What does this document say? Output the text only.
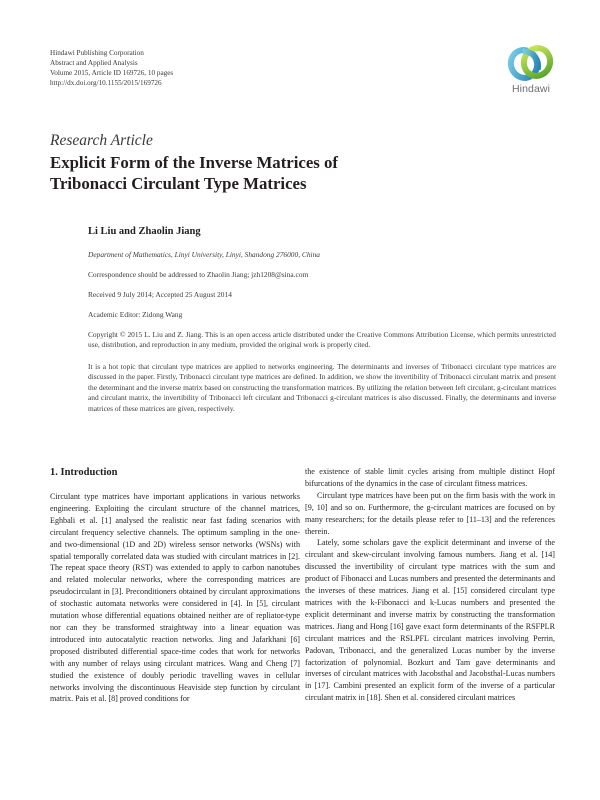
Hindawi Publishing Corporation
Abstract and Applied Analysis
Volume 2015, Article ID 169726, 10 pages
http://dx.doi.org/10.1155/2015/169726	Hindawi
Research Article
Explicit Form of the Inverse Matrices of
Tribonacci Circulant Type Matrices
Li Liu and Zhaolin Jiang
Department of Mathematics, Linyi University, Linyi, Shandong 276000, China
Correspondence should be addressed to Zhaolin Jiang; jzh1208@sina.com
Received 9 July 2014; Accepted 25 August 2014
Academic Editor: Zidong Wang
Copyright © 2015 L. Liu and Z. Jiang. This is an open access article distributed under the Creative Commons Attribution License, which permits unrestricted use, distribution, and reproduction in any medium, provided the original work is properly cited.
It is a hot topic that circulant type matrices are applied to networks engineering. The determinants and inverses of Tribonacci circulant type matrices are discussed in the paper. Firstly, Tribonacci circulant type matrices are defined. In addition, we show the invertibility of Tribonacci circulant matrix and present the determinant and the inverse matrix based on constructing the transformation matrices. By utilizing the relation between left circulant, g-circulant matrices and circulant matrix, the invertibility of Tribonacci left circulant and Tribonacci g-circulant matrices is also discussed. Finally, the determinants and inverse matrices of these matrices are given, respectively.
1. Introduction

Circulant type matrices have important applications in various networks engineering. Exploiting the circulant structure of the channel matrices, Eghbali et al. [1] analysed the realistic near fast fading scenarios with circulant frequency selective channels. The optimum sampling in the one- and two-dimensional (1D and 2D) wireless sensor networks (WSNs) with spatial temporally correlated data was studied with circulant matrices in [2]. The repeat space theory (RST) was extended to apply to carbon nanotubes and related molecular networks, where the corresponding matrices are pseudocirculant in [3]. Preconditioners obtained by circulant approximations of stochastic automata networks were considered in [4]. In [5], circulant mutation whose differential equations obtained neither are of repliator-type nor can they be transformed straightway into a linear equation was introduced into autocatalytic reaction networks. Jing and Jafarkhani [6] proposed distributed differential space-time codes that work for networks with any number of relays using circulant matrices. Wang and Cheng [7] studied the existence of doubly periodic travelling waves in cellular networks involving the discontinuous Heaviside step function by circulant matrix. Pais et al. [8] proved conditions for

the existence of stable limit cycles arising from multiple distinct Hopf bifurcations of the dynamics in the case of circulant fitness matrices.

Circulant type matrices have been put on the firm basis with the work in [9, 10] and so on. Furthermore, the g-circulant matrices are focused on by many researchers; for the details please refer to [11–13] and the references therein.

Lately, some scholars gave the explicit determinant and inverse of the circulant and skew-circulant involving famous numbers. Jiang et al. [14] discussed the invertibility of circulant type matrices with the sum and product of Fibonacci and Lucas numbers and presented the determinants and the inverses of these matrices. Jiang et al. [15] considered circulant type matrices with the k-Fibonacci and k-Lucas numbers and presented the explicit determinant and inverse matrix by constructing the transformation matrices. Jiang and Hong [16] gave exact form determinants of the RSFPLR circulant matrices and the RSLPFL circulant matrices involving Perrin, Padovan, Tribonacci, and the generalized Lucas number by the inverse factorization of polynomial. Bozkurt and Tam gave determinants and inverses of circulant matrices with Jacobsthal and Jacobsthal-Lucas numbers in [17]. Cambini presented an explicit form of the inverse of a particular circulant matrix in [18]. Shen et al. considered circulant matrices
